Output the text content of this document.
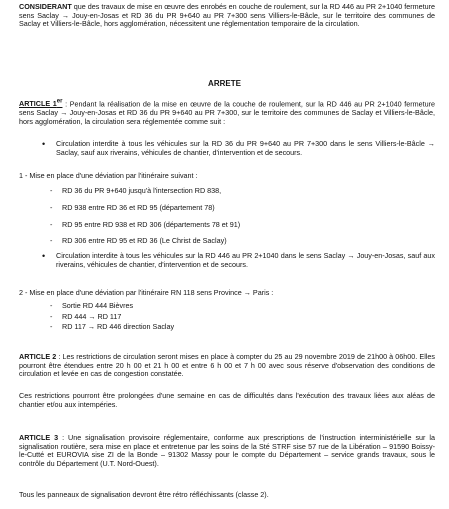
CONSIDERANT que des travaux de mise en œuvre des enrobés en couche de roulement, sur la RD 446 au PR 2+1040 fermeture sens Saclay → Jouy-en-Josas et RD 36 du PR 9+640 au PR 7+300 sens Villiers-le-Bâcle, sur le territoire des communes de Saclay et Villiers-le-Bâcle, hors agglomération, nécessitent une réglementation temporaire de la circulation.

ARRETE

ARTICLE 1er : Pendant la réalisation de la mise en œuvre de la couche de roulement, sur la RD 446 au PR 2+1040 fermeture sens Saclay → Jouy-en-Josas et RD 36 du PR 9+640 au PR 7+300, sur le territoire des communes de Saclay et Villiers-le-Bâcle, hors agglomération, la circulation sera réglementée comme suit :

• Circulation interdite à tous les véhicules sur la RD 36 du PR 9+640 au PR 7+300 dans le sens Villiers-le-Bâcle → Saclay, sauf aux riverains, véhicules de chantier, d'intervention et de secours.

1 - Mise en place d'une déviation par l'itinéraire suivant :

- RD 36 du PR 9+640 jusqu'à l'intersection RD 838,
- RD 938 entre RD 36 et RD 95 (département 78)
- RD 95 entre RD 938 et RD 306 (départements 78 et 91)
- RD 306 entre RD 95 et RD 36 (Le Christ de Saclay)
• Circulation interdite à tous les véhicules sur la RD 446 au PR 2+1040 dans le sens Saclay → Jouy-en-Josas, sauf aux riverains, véhicules de chantier, d'intervention et de secours.

2 - Mise en place d'une déviation par l'itinéraire RN 118 sens Province → Paris :

- Sortie RD 444 Bièvres
- RD 444 → RD 117
- RD 117 → RD 446 direction Saclay

ARTICLE 2 : Les restrictions de circulation seront mises en place à compter du 25 au 29 novembre 2019 de 21h00 à 06h00. Elles pourront être étendues entre 20 h 00 et 21 h 00 et entre 6 h 00 et 7 h 00 avec sous réserve d'observation des conditions de circulation et levée en cas de congestion constatée.

Ces restrictions pourront être prolongées d'une semaine en cas de difficultés dans l'exécution des travaux liées aux aléas de chantier et/ou aux intempéries.

ARTICLE 3 : Une signalisation provisoire réglementaire, conforme aux prescriptions de l'instruction interministérielle sur la signalisation routière, sera mise en place et entretenue par les soins de la Sté STRF sise 57 rue de la Libération – 91590 Boissy-le-Cutté et EUROVIA sise ZI de la Bonde – 91302 Massy pour le compte du Département – service grands travaux, sous le contrôle du Département (U.T. Nord-Ouest).

Tous les panneaux de signalisation devront être rétro réfléchissants (classe 2).
